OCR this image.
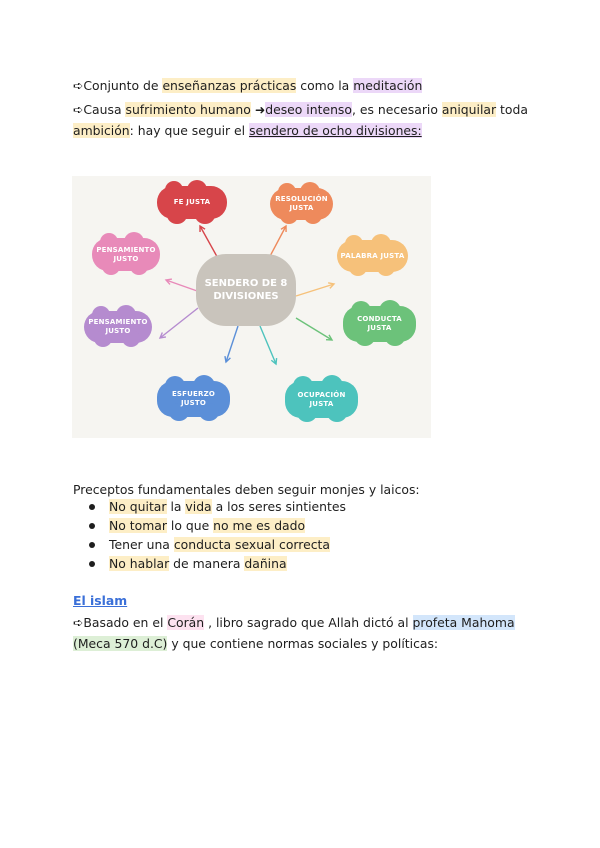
➪Conjunto de enseñanzas prácticas como la meditación
➪Causa sufrimiento humano ➜deseo intenso, es necesario aniquilar toda
ambición: hay que seguir el sendero de ocho divisiones:
SENDERO DE 8
DIVISIONES
FE JUSTA	RESOLUCIÓN
JUSTA
PALABRA JUSTA
CONDUCTA
JUSTA
OCUPACIÓN
JUSTA
ESFUERZO
JUSTO
PENSAMIENTO
JUSTO
PENSAMIENTO
JUSTO
Preceptos fundamentales deben seguir monjes y laicos:
No quitar la vida a los seres sintientes
No tomar lo que no me es dado
Tener una conducta sexual correcta
No hablar de manera dañina
El islam
➪Basado en el Corán , libro sagrado que Allah dictó al profeta Mahoma
(Meca 570 d.C) y que contiene normas sociales y políticas:
